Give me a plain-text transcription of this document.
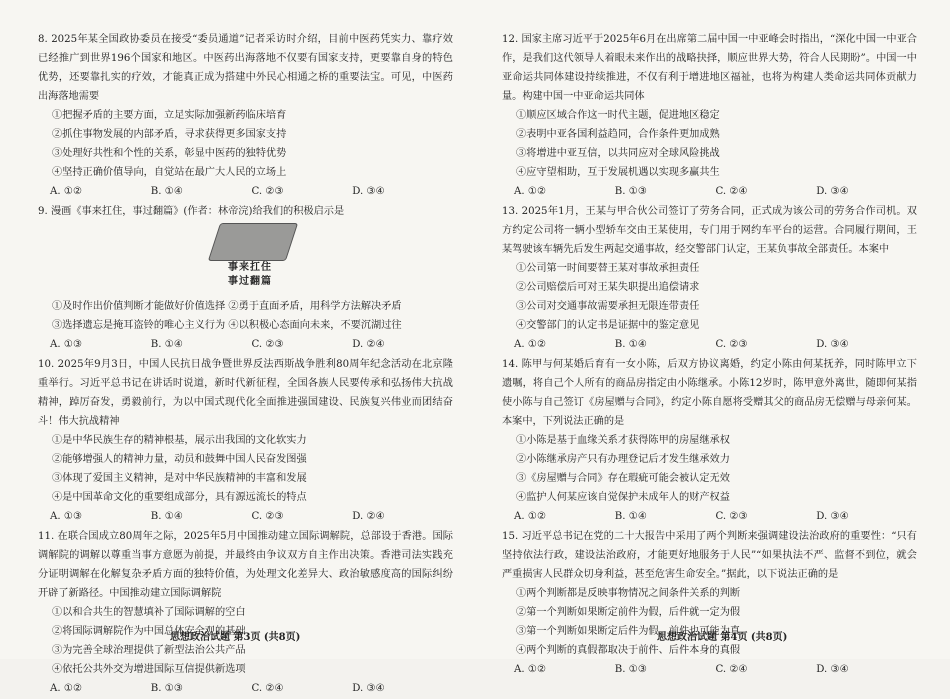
8. 2025年某全国政协委员在接受“委员通道”记者采访时介绍，目前中医药凭实力、靠疗效已经推广到世界196个国家和地区。中医药出海落地不仅要有国家支持，更要靠自身的特色优势，还要靠扎实的疗效，才能真正成为搭建中外民心相通之桥的重要法宝。可见，中医药出海落地需要
①把握矛盾的主要方面，立足实际加强新药临床培育
②抓住事物发展的内部矛盾，寻求获得更多国家支持
③处理好共性和个性的关系，彰显中医药的独特优势
④坚持正确价值导向，自觉站在最广大人民的立场上
A. ①②	B. ①④	C. ②③	D. ③④
9. 漫画《事来扛住，事过翻篇》(作者：林帝浣)给我们的积极启示是
事来扛住
事过翻篇
①及时作出价值判断才能做好价值选择 ②勇于直面矛盾，用科学方法解决矛盾
③选择遗忘是掩耳盗铃的唯心主义行为 ④以积极心态面向未来，不要沉湖过往
A. ①③	B. ①④	C. ②③	D. ②④
10. 2025年9月3日，中国人民抗日战争暨世界反法西斯战争胜利80周年纪念活动在北京隆重举行。习近平总书记在讲话时说道，新时代新征程，全国各族人民要传承和弘扬伟大抗战精神，踔厉奋发，勇毅前行，为以中国式现代化全面推进强国建设、民族复兴伟业而团结奋斗！伟大抗战精神
①是中华民族生存的精神根基，展示出我国的文化软实力
②能够增强人的精神力量，动员和鼓舞中国人民奋发图强
③体现了爱国主义精神，是对中华民族精神的丰富和发展
④是中国革命文化的重要组成部分，具有源远流长的特点
A. ①③	B. ①④	C. ②③	D. ②④
11. 在联合国成立80周年之际，2025年5月中国推动建立国际调解院，总部设于香港。国际调解院的调解以尊重当事方意愿为前提，并最终由争议双方自主作出决策。香港司法实践充分证明调解在化解复杂矛盾方面的独特价值，为处理文化差异大、政治敏感度高的国际纠纷开辟了新路径。中国推动建立国际调解院
①以和合共生的智慧填补了国际调解的空白
②将国际调解院作为中国总体安全观的基础
③为完善全球治理提供了新型法治公共产品
④依托公共外交为增进国际互信提供新选项
A. ①②	B. ①③	C. ②④	D. ③④
12. 国家主席习近平于2025年6月在出席第二届中国一中亚峰会时指出，“深化中国一中亚合作，是我们这代领导人着眼未来作出的战略抉择，顺应世界大势，符合人民期盼”。中国一中亚命运共同体建设持续推进，不仅有利于增进地区福祉，也将为构建人类命运共同体贡献力量。构建中国一中亚命运共同体
①顺应区域合作这一时代主题，促进地区稳定
②表明中亚各国利益趋同，合作条件更加成熟
③将增进中亚互信，以共同应对全球风险挑战
④应守望相助，互于发展机遇以实现多赢共生
A. ①②	B. ①③	C. ②④	D. ③④
13. 2025年1月，王某与甲合伙公司签订了劳务合同，正式成为该公司的劳务合作司机。双方约定公司将一辆小型轿车交由王某使用，专门用于网约车平台的运营。合同履行期间，王某驾驶该车辆先后发生两起交通事故，经交警部门认定，王某负事故全部责任。本案中
①公司第一时间要替王某对事故承担责任
②公司赔偿后可对王某失职提出追偿请求
③公司对交通事故需要承担无限连带责任
④交警部门的认定书是证据中的鉴定意见
A. ①②	B. ①④	C. ②③	D. ③④
14. 陈甲与何某婚后育有一女小陈，后双方协议离婚，约定小陈由何某抚养，同时陈甲立下遗嘱，将自己个人所有的商品房指定由小陈继承。小陈12岁时，陈甲意外离世，随即何某指使小陈与自己签订《房屋赠与合同》，约定小陈自愿将受赠其父的商品房无偿赠与母亲何某。本案中，下列说法正确的是
①小陈是基于血缘关系才获得陈甲的房屋继承权
②小陈继承房产只有办理登记后才发生继承效力
③《房屋赠与合同》存在瑕疵可能会被认定无效
④监护人何某应该自觉保护未成年人的财产权益
A. ①②	B. ①④	C. ②③	D. ③④
15. 习近平总书记在党的二十大报告中采用了两个判断来强调建设法治政府的重要性：“只有坚持依法行政，建设法治政府，才能更好地服务于人民”“如果执法不严、监督不到位，就会严重损害人民群众切身利益，甚至危害生命安全。”据此，以下说法正确的是
①两个判断都是反映事物情况之间条件关系的判断
②第一个判断如果断定前件为假，后件就一定为假
③第一个判断如果断定后件为假，前件也可能为真
④两个判断的真假都取决于前件、后件本身的真假
A. ①②	B. ①③	C. ②④	D. ③④
思想政治试题 第3页 (共8页)	思想政治试题 第4页 (共8页)
